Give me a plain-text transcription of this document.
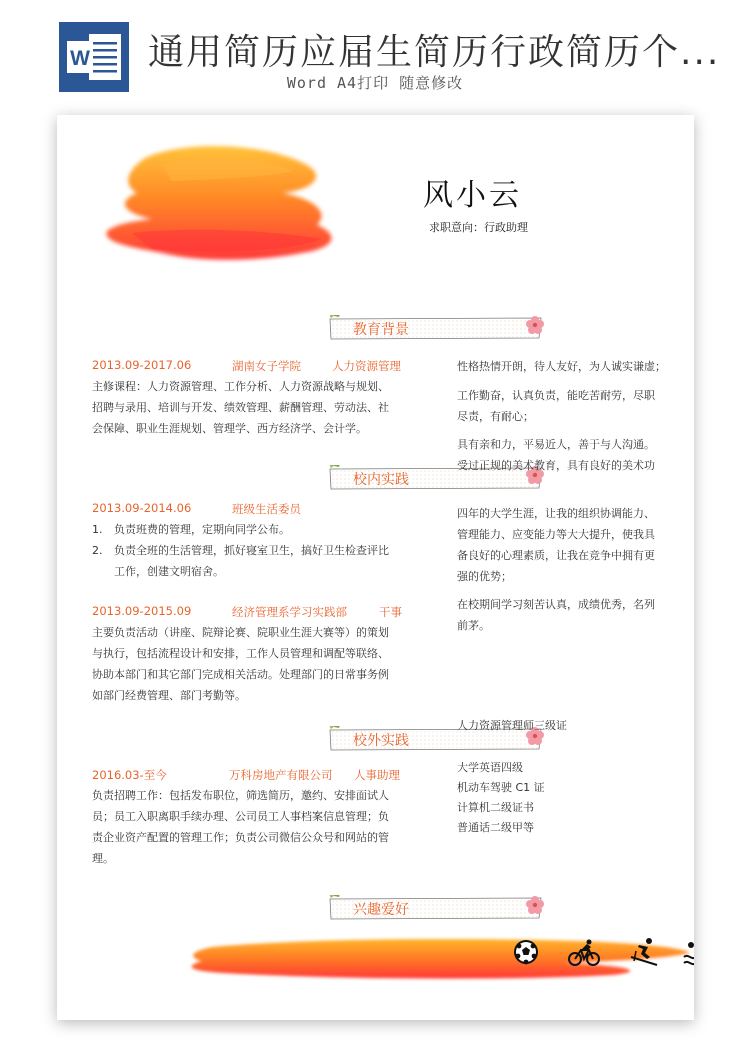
W 通用简历应届生简历行政简历个...
Word A4打印 随意修改
风小云
求职意向：行政助理
教育背景
校内实践
校外实践
兴趣爱好
2013.09-2017.06	湖南女子学院	人力资源管理
主修课程：人力资源管理、工作分析、人力资源战略与规划、
招聘与录用、培训与开发、绩效管理、薪酬管理、劳动法、社
会保障、职业生涯规划、管理学、西方经济学、会计学。
2013.09-2014.06	班级生活委员
1.	负责班费的管理，定期向同学公布。
2.	负责全班的生活管理，抓好寝室卫生，搞好卫生检查评比
工作，创建文明宿舍。
2013.09-2015.09	经济管理系学习实践部	干事
主要负责活动（讲座、院辩论赛、院职业生涯大赛等）的策划
与执行，包括流程设计和安排，工作人员管理和调配等联络、
协助本部门和其它部门完成相关活动。处理部门的日常事务例
如部门经费管理、部门考勤等。
2016.03-至今	万科房地产有限公司 人事助理
负责招聘工作：包括发布职位，筛选简历，邀约、安排面试人
员；员工入职离职手续办理、公司员工人事档案信息管理；负
责企业资产配置的管理工作；负责公司微信公众号和网站的管
理。
性格热情开朗，待人友好，为人诚实谦虚；
工作勤奋，认真负责，能吃苦耐劳，尽职
尽责，有耐心；
具有亲和力，平易近人，善于与人沟通。
受过正规的美术教育，具有良好的美术功
四年的大学生涯，让我的组织协调能力、
管理能力、应变能力等大大提升，使我具
备良好的心理素质，让我在竞争中拥有更
强的优势；
在校期间学习刻苦认真，成绩优秀，名列
前茅。
人力资源管理师三级证
大学英语四级
机动车驾驶 C1 证
计算机二级证书
普通话二级甲等
